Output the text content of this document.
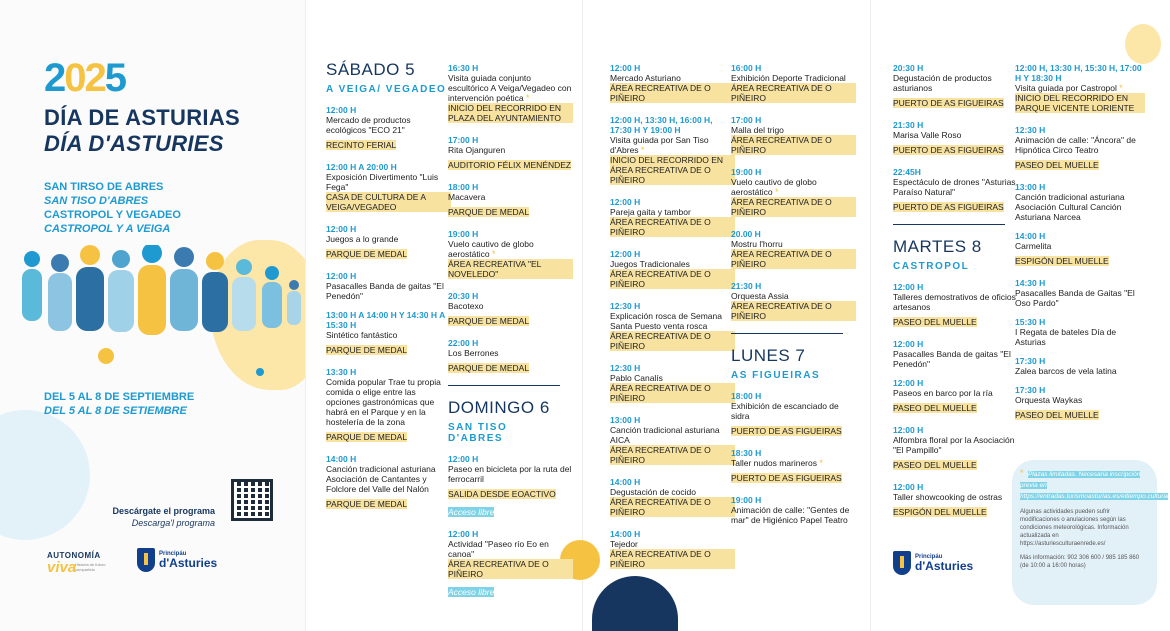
2025
DÍA DE ASTURIAS
DÍA D'ASTURIES
SAN TIRSO DE ABRES
SAN TISO D'ABRES
CASTROPOL Y VEGADEO
CASTROPOL Y A VEIGA
DEL 5 AL 8 DE SEPTIEMBRE
DEL 5 AL 8 DE SETIEMBRE
Descárgate el programa
Descarga'l programa
AUTONOMÍA
viva
Historia de futuro compartido
Principáu
d'Asturies
SÁBADO 5
A VEIGA/ VEGADEO
12:00 H
Mercado de productos ecológicos "ECO 21"
RECINTO FERIAL
12:00 H A 20:00 H
Exposición Divertimento "Luis Fega"
CASA DE CULTURA DE A VEIGA/VEGADEO
12:00 H
Juegos a lo grande
PARQUE DE MEDAL
12:00 H
Pasacalles Banda de gaitas "El Penedón"
13:00 H A 14:00 H Y 14:30 H A 15:30 H
Sintético fantástico
PARQUE DE MEDAL
13:30 H
Comida popular Trae tu propia comida o elige entre las opciones gastronómicas que habrá en el Parque y en la hostelería de la zona
PARQUE DE MEDAL
14:00 H
Canción tradicional asturiana Asociación de Cantantes y Folclore del Valle del Nalón
PARQUE DE MEDAL
16:30 H
Visita guiada conjunto escultórico A Veiga/Vegadeo con intervención poética *
INICIO DEL RECORRIDO EN PLAZA DEL AYUNTAMIENTO
17:00 H
Rita Ojanguren
AUDITORIO FÉLIX MENÉNDEZ
18:00 H
Macavera
PARQUE DE MEDAL
19:00 H
Vuelo cautivo de globo aerostático *
ÁREA RECREATIVA "EL NOVELEDO"
20:30 H
Bacotexo
PARQUE DE MEDAL
22:00 H
Los Berrones
PARQUE DE MEDAL
DOMINGO 6
SAN TISO D'ABRES
12:00 H
Paseo en bicicleta por la ruta del ferrocarril
SALIDA DESDE EOACTIVO
Acceso libre
12:00 H
Actividad "Paseo río Eo en canoa"
ÁREA RECREATIVA DE O PIÑEIRO
Acceso libre
12:00 H
Mercado Asturiano
ÁREA RECREATIVA DE O PIÑEIRO
12:00 H, 13:30 H, 16:00 H, 17:30 H Y 19:00 H
Visita guiada por San Tiso d'Abres *
INICIO DEL RECORRIDO EN ÁREA RECREATIVA DE O PIÑEIRO
12:00 H
Pareja gaita y tambor
ÁREA RECREATIVA DE O PIÑEIRO
12:00 H
Juegos Tradicionales
ÁREA RECREATIVA DE O PIÑEIRO
12:30 H
Explicación rosca de Semana Santa Puesto venta rosca
ÁREA RECREATIVA DE O PIÑEIRO
12:30 H
Pablo Canalís
ÁREA RECREATIVA DE O PIÑEIRO
13:00 H
Canción tradicional asturiana AICA
ÁREA RECREATIVA DE O PIÑEIRO
14:00 H
Degustación de cocido
ÁREA RECREATIVA DE O PIÑEIRO
14:00 H
Tejedor
ÁREA RECREATIVA DE O PIÑEIRO
16:00 H
Exhibición Deporte Tradicional
ÁREA RECREATIVA DE O PIÑEIRO
17:00 H
Malla del trigo
ÁREA RECREATIVA DE O PIÑEIRO
19:00 H
Vuelo cautivo de globo aerostático *
ÁREA RECREATIVA DE O PIÑEIRO
20.00 H
Mostru l'horru
ÁREA RECREATIVA DE O PIÑEIRO
21:30 H
Orquesta Assia
ÁREA RECREATIVA DE O PIÑEIRO
LUNES 7
AS FIGUEIRAS
18:00 H
Exhibición de escanciado de sidra
PUERTO DE AS FIGUEIRAS
18:30 H
Taller nudos marineros *
PUERTO DE AS FIGUEIRAS
19:00 H
Animación de calle: "Gentes de mar" de Higiénico Papel Teatro
20:30 H
Degustación de productos asturianos
PUERTO DE AS FIGUEIRAS
21:30 H
Marisa Valle Roso
PUERTO DE AS FIGUEIRAS
22:45H
Espectáculo de drones "Asturias Paraíso Natural"
PUERTO DE AS FIGUEIRAS
MARTES 8
CASTROPOL
12:00 H
Talleres demostrativos de oficios artesanos
PASEO DEL MUELLE
12:00 H
Pasacalles Banda de gaitas "El Penedón"
12:00 H
Paseos en barco por la ría
PASEO DEL MUELLE
12:00 H
Alfombra floral por la Asociación "El Pampillo"
PASEO DEL MUELLE
12:00 H
Taller showcooking de ostras
ESPIGÓN DEL MUELLE
Principáu
d'Asturies
* Plazas limitadas. Necesaria inscripción previa en https://entradas.turismoasturias.es/eltiempo.cultural
Algunas actividades pueden sufrir modificaciones o anulaciones según las condiciones meteorológicas. Información actualizada en https://asturiesculturaenrede.es/
Más información: 902 306 600 / 985 185 860 (de 10:00 a 16:00 horas)
12:00 H, 13:30 H, 15:30 H, 17:00 H Y 18:30 H
Visita guiada por Castropol *
INICIO DEL RECORRIDO EN PARQUE VICENTE LORIENTE
12:30 H
Animación de calle: "Áncora" de Hipnótica Circo Teatro
PASEO DEL MUELLE
13:00 H
Canción tradicional asturiana Asociación Cultural Canción Asturiana Narcea
14:00 H
Carmelita
ESPIGÓN DEL MUELLE
14:30 H
Pasacalles Banda de Gaitas "El Oso Pardo"
15:30 H
I Regata de bateles Día de Asturias
17:30 H
Zalea barcos de vela latina
17:30 H
Orquesta Waykas
PASEO DEL MUELLE
